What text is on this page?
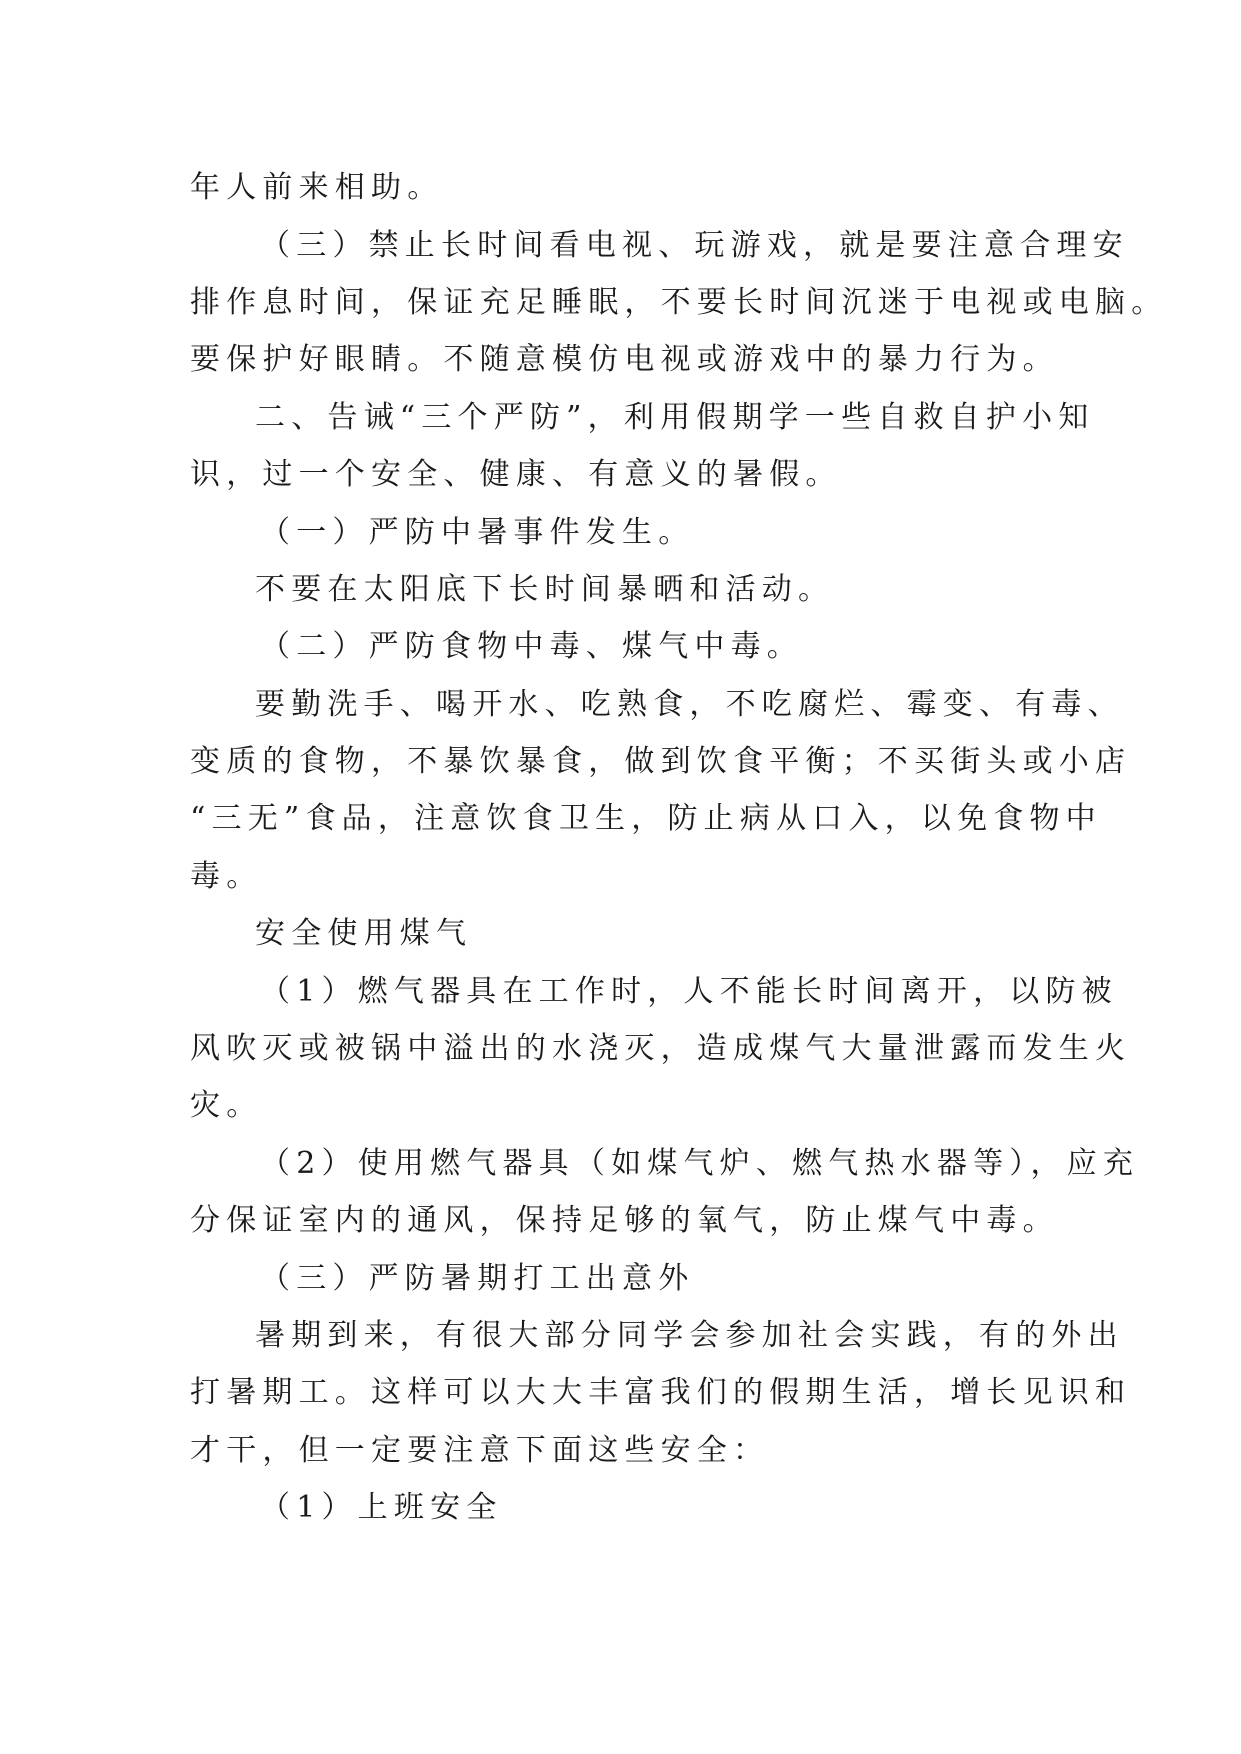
年人前来相助。
（三）禁止长时间看电视、玩游戏，就是要注意合理安
排作息时间，保证充足睡眠，不要长时间沉迷于电视或电脑。
要保护好眼睛。不随意模仿电视或游戏中的暴力行为。
二、告诫“三个严防”，利用假期学一些自救自护小知
识，过一个安全、健康、有意义的暑假。
（一）严防中暑事件发生。
不要在太阳底下长时间暴晒和活动。
（二）严防食物中毒、煤气中毒。
要勤洗手、喝开水、吃熟食，不吃腐烂、霉变、有毒、
变质的食物，不暴饮暴食，做到饮食平衡；不买街头或小店
“三无”食品，注意饮食卫生，防止病从口入，以免食物中
毒。
安全使用煤气
（1）燃气器具在工作时，人不能长时间离开，以防被
风吹灭或被锅中溢出的水浇灭，造成煤气大量泄露而发生火
灾。
（2）使用燃气器具（如煤气炉、燃气热水器等），应充
分保证室内的通风，保持足够的氧气，防止煤气中毒。
（三）严防暑期打工出意外
暑期到来，有很大部分同学会参加社会实践，有的外出
打暑期工。这样可以大大丰富我们的假期生活，增长见识和
才干，但一定要注意下面这些安全：
（1）上班安全
